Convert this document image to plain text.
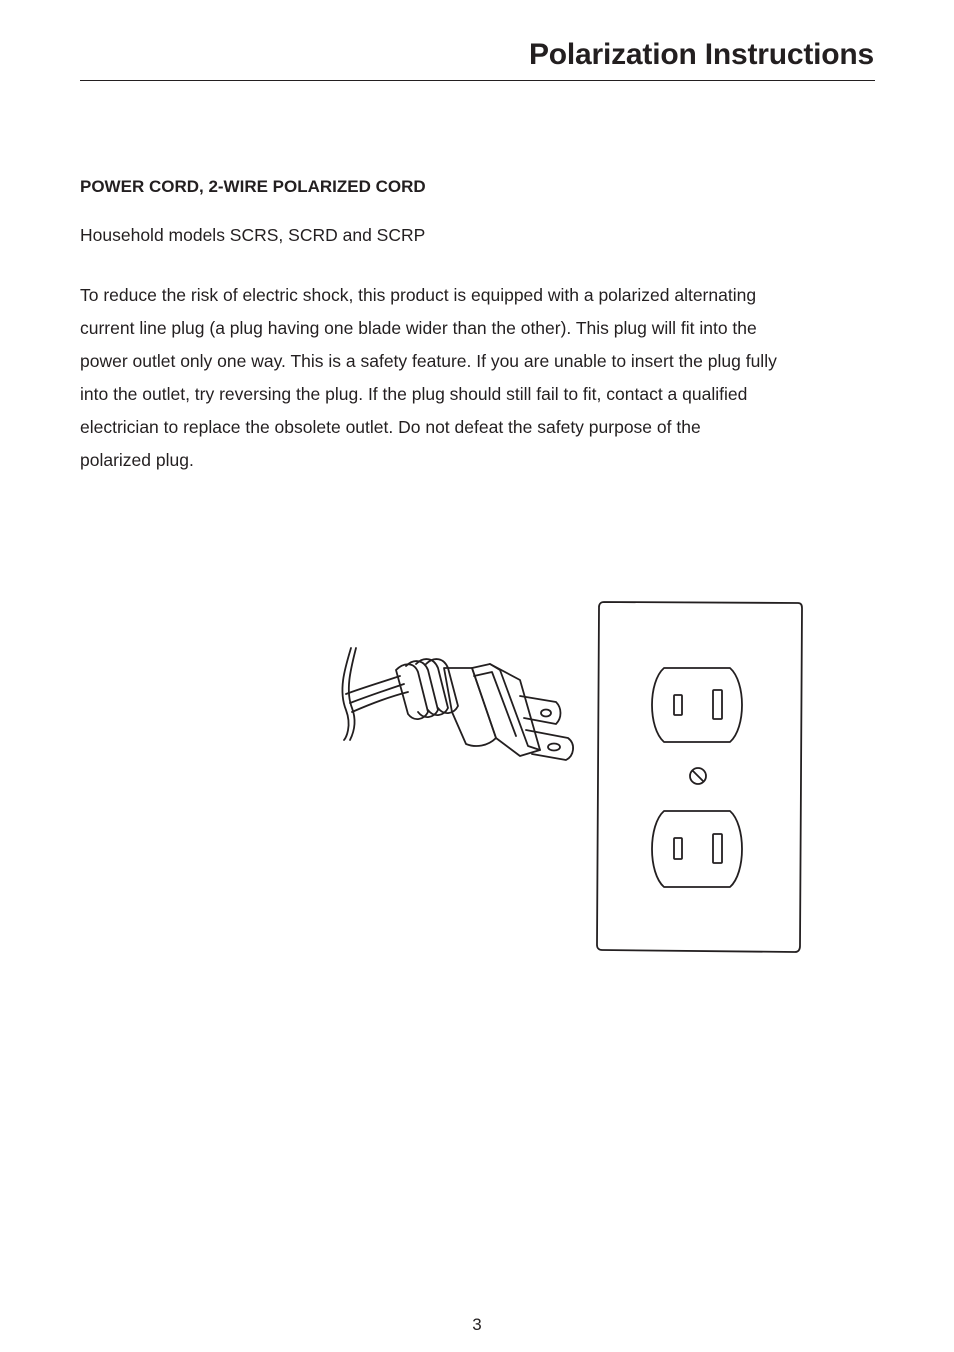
Polarization Instructions
POWER CORD, 2-WIRE POLARIZED CORD

Household models SCRS, SCRD and SCRP

To reduce the risk of electric shock, this product is equipped with a polarized alternating
current line plug (a plug having one blade wider than the other). This plug will fit into the
power outlet only one way. This is a safety feature. If you are unable to insert the plug fully
into the outlet, try reversing the plug. If the plug should still fail to fit, contact a qualified
electrician to replace the obsolete outlet. Do not defeat the safety purpose of the
polarized plug.

3
